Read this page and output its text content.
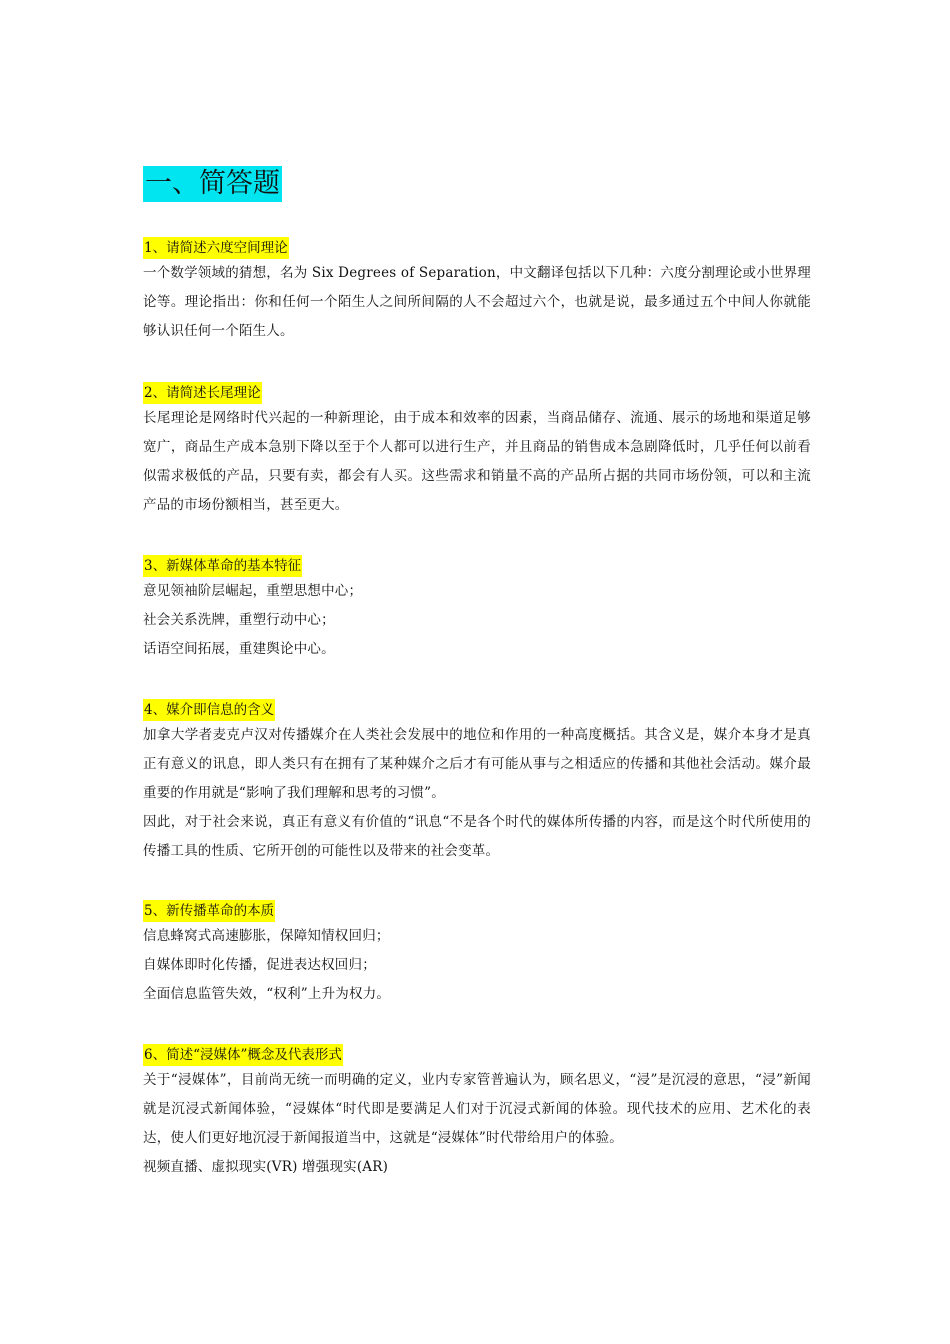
一、简答题
1、请简述六度空间理论

一个数学领域的猜想，名为 Six Degrees of Separation，中文翻译包括以下几种：六度分割理论或小世界理论等。理论指出：你和任何一个陌生人之间所间隔的人不会超过六个，也就是说，最多通过五个中间人你就能够认识任何一个陌生人。

2、请简述长尾理论

长尾理论是网络时代兴起的一种新理论，由于成本和效率的因素，当商品储存、流通、展示的场地和渠道足够宽广，商品生产成本急别下降以至于个人都可以进行生产，并且商品的销售成本急剧降低时，几乎任何以前看似需求极低的产品，只要有卖，都会有人买。这些需求和销量不高的产品所占据的共同市场份领，可以和主流产品的市场份额相当，甚至更大。

3、新媒体革命的基本特征

意见领袖阶层崛起，重塑思想中心；

社会关系洗牌，重塑行动中心；

话语空间拓展，重建舆论中心。

4、媒介即信息的含义

加拿大学者麦克卢汉对传播媒介在人类社会发展中的地位和作用的一种高度概括。其含义是，媒介本身才是真正有意义的讯息，即人类只有在拥有了某种媒介之后才有可能从事与之相适应的传播和其他社会活动。媒介最重要的作用就是“影响了我们理解和思考的习惯”。

因此，对于社会来说，真正有意义有价值的“讯息“不是各个时代的媒体所传播的内容，而是这个时代所使用的传播工具的性质、它所开创的可能性以及带来的社会变革。

5、新传播革命的本质

信息蜂窝式高速膨胀，保障知情权回归；

自媒体即时化传播，促进表达权回归；

全面信息监管失效，“权利”上升为权力。

6、简述“浸媒体”概念及代表形式

关于“浸媒体”，目前尚无统一而明确的定义，业内专家管普遍认为，顾名思义，“浸”是沉浸的意思，“浸”新闻就是沉浸式新闻体验，“浸媒体“时代即是要满足人们对于沉浸式新闻的体验。现代技术的应用、艺术化的表达，使人们更好地沉浸于新闻报道当中，这就是“浸媒体”时代带给用户的体验。

视频直播、虚拟现实(VR) 增强现实(AR)
